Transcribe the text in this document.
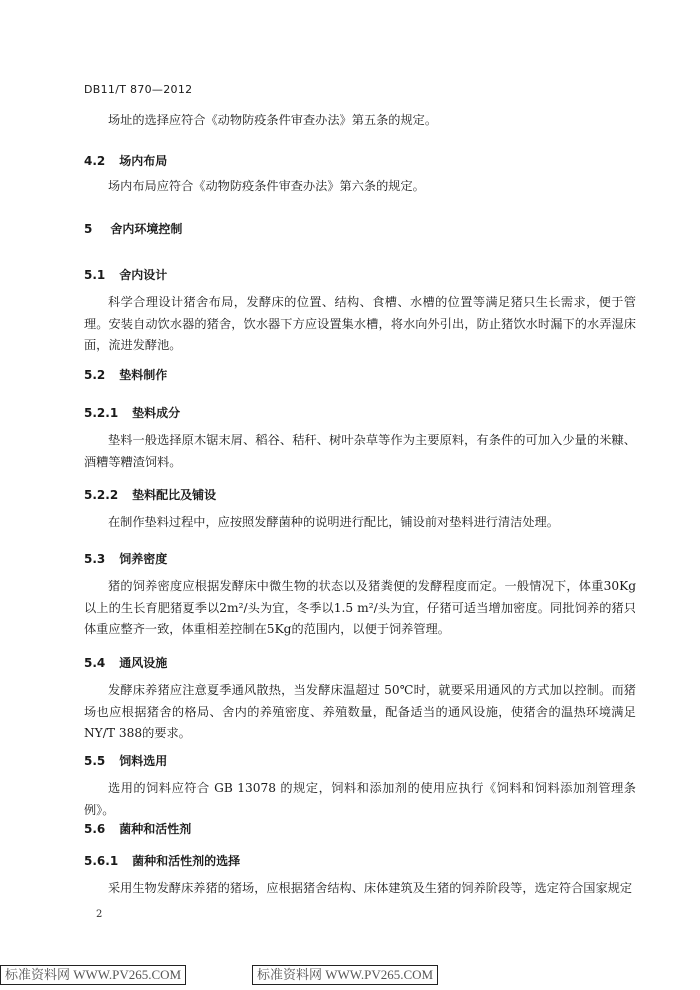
DB11/T 870—2012
场址的选择应符合《动物防疫条件审查办法》第五条的规定。
4.2 场内布局
场内布局应符合《动物防疫条件审查办法》第六条的规定。
5 舍内环境控制
5.1 舍内设计
科学合理设计猪舍布局，发酵床的位置、结构、食槽、水槽的位置等满足猪只生长需求，便于管理。安装自动饮水器的猪舍，饮水器下方应设置集水槽，将水向外引出，防止猪饮水时漏下的水弄湿床面，流进发酵池。
5.2 垫料制作
5.2.1 垫料成分
垫料一般选择原木锯末屑、稻谷、秸秆、树叶杂草等作为主要原料，有条件的可加入少量的米糠、酒糟等糟渣饲料。
5.2.2 垫料配比及铺设
在制作垫料过程中，应按照发酵菌种的说明进行配比，铺设前对垫料进行清洁处理。
5.3 饲养密度
猪的饲养密度应根据发酵床中微生物的状态以及猪粪便的发酵程度而定。一般情况下，体重30Kg以上的生长育肥猪夏季以2m²/头为宜，冬季以1.5 m²/头为宜，仔猪可适当增加密度。同批饲养的猪只体重应整齐一致，体重相差控制在5Kg的范围内，以便于饲养管理。
5.4 通风设施
发酵床养猪应注意夏季通风散热，当发酵床温超过 50℃时，就要采用通风的方式加以控制。而猪场也应根据猪舍的格局、舍内的养殖密度、养殖数量，配备适当的通风设施，使猪舍的温热环境满足NY/T 388的要求。
5.5 饲料选用
选用的饲料应符合 GB 13078 的规定，饲料和添加剂的使用应执行《饲料和饲料添加剂管理条例》。
5.6 菌种和活性剂
5.6.1 菌种和活性剂的选择
采用生物发酵床养猪的猪场，应根据猪舍结构、床体建筑及生猪的饲养阶段等，选定符合国家规定
2
标准资料网 WWW.PV265.COM	标准资料网 WWW.PV265.COM
